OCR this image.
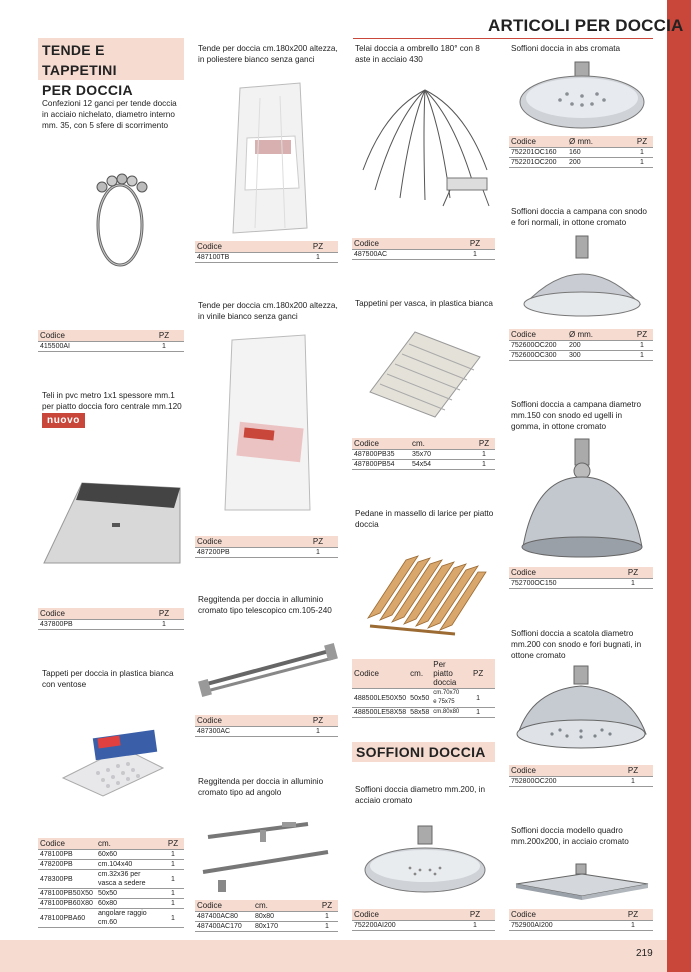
219
ARTICOLI PER DOCCIA
TENDE E TAPPETINI
PER DOCCIA
Confezioni 12 ganci per tende doccia in acciaio nichelato, diametro interno mm. 35, con 5 sfere di scorrimento
Codice	PZ
415500AI	1
Teli in pvc metro 1x1 spessore mm.1 per piatto doccia foro centrale mm.120
nuovo
Codice	PZ
437800PB	1
Tappeti per doccia in plastica bianca con ventose
Codice	cm.	PZ
478100PB	60x60	1
478200PB	cm.104x40	1
478300PB	cm.32x36 per vasca a sedere	1
478100PB50X50	50x50	1
478100PB60X80	60x80	1
478100PBA60	angolare raggio cm.60	1
Tende per doccia cm.180x200 altezza, in poliestere bianco senza ganci
Codice	PZ
487100TB	1
Tende per doccia cm.180x200 altezza, in vinile bianco senza ganci
Codice	PZ
487200PB	1
Reggitenda per doccia in alluminio cromato tipo telescopico cm.105-240
Codice	PZ
487300AC	1
Reggitenda per doccia in alluminio cromato tipo ad angolo
Codice	cm.	PZ
487400AC80	80x80	1
487400AC170	80x170	1
Telai doccia a ombrello 180° con 8 aste in acciaio 430
Codice	PZ
487500AC	1
Tappetini per vasca, in plastica bianca
Codice	cm.	PZ
487800PB35	35x70	1
487800PB54	54x54	1
Pedane in massello di larice per piatto doccia
Codice	cm.	Per piatto doccia	PZ
488500LE50X50	50x50	cm.70x70 e 75x75	1
488500LE58X58	58x58	cm.80x80	1
SOFFIONI DOCCIA
Soffioni doccia diametro mm.200, in acciaio cromato
Codice	PZ
752200AI200	1
Soffioni doccia in abs cromata
Codice	Ø mm.	PZ
752201OC160	160	1
752201OC200	200	1
Soffioni doccia a campana con snodo e fori normali, in ottone cromato
Codice	Ø mm.	PZ
752600OC200	200	1
752600OC300	300	1
Soffioni doccia a campana diametro mm.150 con snodo ed ugelli in gomma, in ottone cromato
Codice	PZ
752700OC150	1
Soffioni doccia a scatola diametro mm.200 con snodo e fori bugnati, in ottone cromato
Codice	PZ
752800OC200	1
Soffioni doccia modello quadro mm.200x200, in acciaio cromato
Codice	PZ
752900AI200	1
